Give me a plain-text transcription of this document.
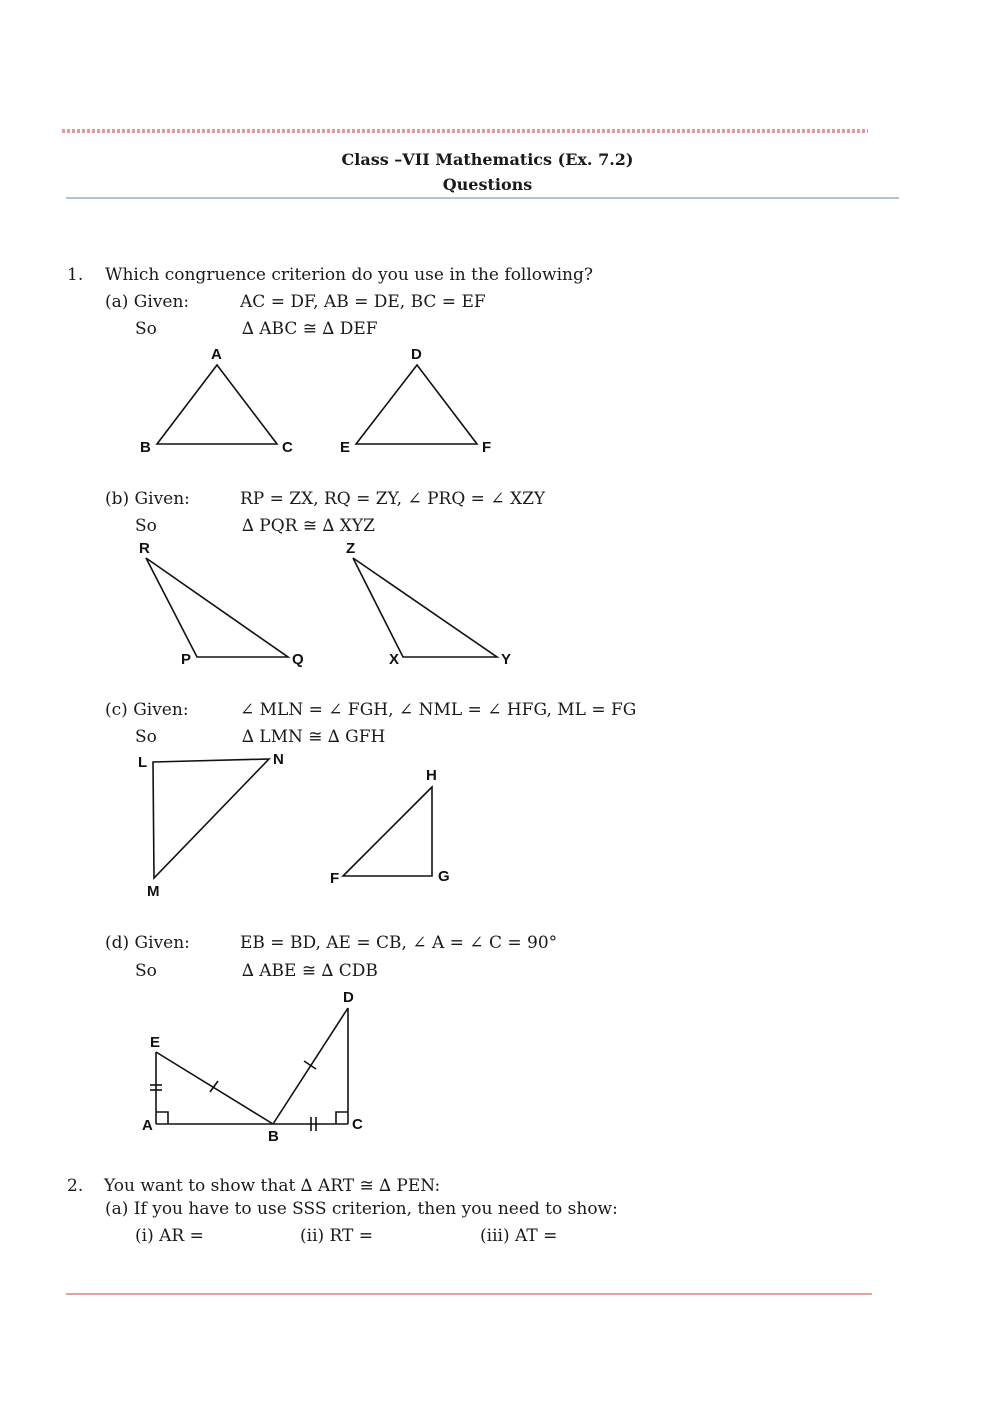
Class –VII Mathematics (Ex. 7.2)
Questions
1. Which congruence criterion do you use in the following?
(a) Given:	AC = DF, AB = DE, BC = EF
So	∆ ABC ≅ ∆ DEF
A
B	C
D
E	F
(b) Given:	RP = ZX, RQ = ZY, ∠ PRQ = ∠ XZY
So	∆ PQR ≅ ∆ XYZ
R
P	Q
Z
X	Y
(c) Given:	∠ MLN = ∠ FGH, ∠ NML = ∠ HFG, ML = FG
So	∆ LMN ≅ ∆ GFH
L	N
M
H
F	G
(d) Given:	EB = BD, AE = CB, ∠ A = ∠ C = 90°
So	∆ ABE ≅ ∆ CDB
E
A
B
C
D
2. You want to show that ∆ ART ≅ ∆ PEN:
(a) If you have to use SSS criterion, then you need to show:
(i) AR =	(ii) RT =	(iii) AT =
